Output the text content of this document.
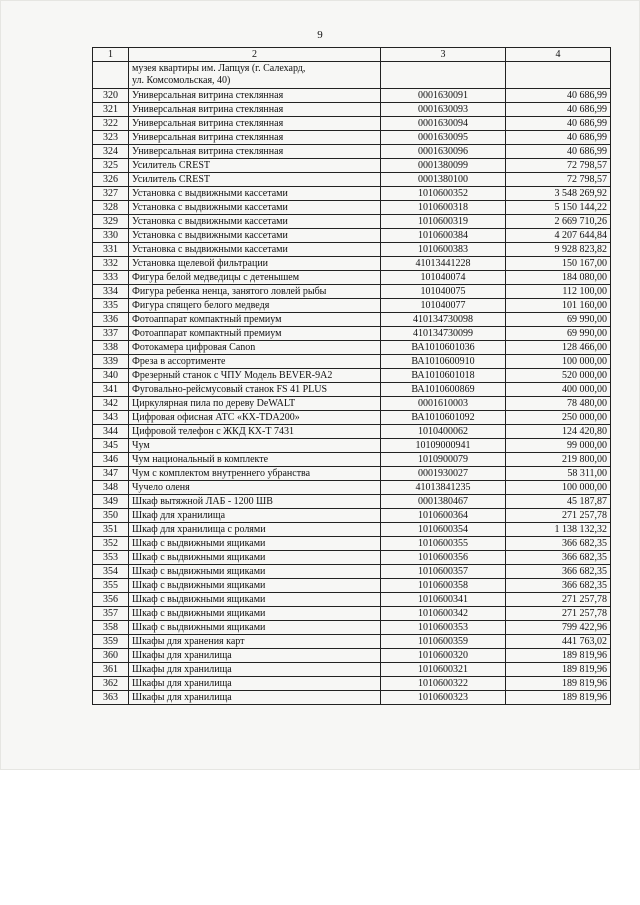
9
1	2	3	4
	музея квартиры им. Лапцуя (г. Салехард,
ул. Комсомольская, 40)		
320	Универсальная витрина стеклянная	0001630091	40 686,99
321	Универсальная витрина стеклянная	0001630093	40 686,99
322	Универсальная витрина стеклянная	0001630094	40 686,99
323	Универсальная витрина стеклянная	0001630095	40 686,99
324	Универсальная витрина стеклянная	0001630096	40 686,99
325	Усилитель CREST	0001380099	72 798,57
326	Усилитель CREST	0001380100	72 798,57
327	Установка с выдвижными кассетами	1010600352	3 548 269,92
328	Установка с выдвижными кассетами	1010600318	5 150 144,22
329	Установка с выдвижными кассетами	1010600319	2 669 710,26
330	Установка с выдвижными кассетами	1010600384	4 207 644,84
331	Установка с выдвижными кассетами	1010600383	9 928 823,82
332	Установка щелевой фильтрации	41013441228	150 167,00
333	Фигура белой медведицы с детенышем	101040074	184 080,00
334	Фигура ребенка ненца, занятого ловлей рыбы	101040075	112 100,00
335	Фигура спящего белого медведя	101040077	101 160,00
336	Фотоаппарат компактный премиум	410134730098	69 990,00
337	Фотоаппарат компактный премиум	410134730099	69 990,00
338	Фотокамера цифровая Canon	ВА1010601036	128 466,00
339	Фреза в ассортименте	ВА1010600910	100 000,00
340	Фрезерный станок с ЧПУ Модель BEVER-9A2	ВА1010601018	520 000,00
341	Фуговально-рейсмусовый станок FS 41 PLUS	ВА1010600869	400 000,00
342	Циркулярная пила по дереву DeWALT	0001610003	78 480,00
343	Цифровая офисная АТС «КХ-TDA200»	ВА1010601092	250 000,00
344	Цифровой телефон с ЖКД КХ-Т 7431	1010400062	124 420,80
345	Чум	10109000941	99 000,00
346	Чум национальный в комплекте	1010900079	219 800,00
347	Чум с комплектом внутреннего убранства	0001930027	58 311,00
348	Чучело оленя	41013841235	100 000,00
349	Шкаф вытяжной ЛАБ - 1200 ШВ	0001380467	45 187,87
350	Шкаф для хранилища	1010600364	271 257,78
351	Шкаф для хранилища с ролями	1010600354	1 138 132,32
352	Шкаф с выдвижными ящиками	1010600355	366 682,35
353	Шкаф с выдвижными ящиками	1010600356	366 682,35
354	Шкаф с выдвижными ящиками	1010600357	366 682,35
355	Шкаф с выдвижными ящиками	1010600358	366 682,35
356	Шкаф с выдвижными ящиками	1010600341	271 257,78
357	Шкаф с выдвижными ящиками	1010600342	271 257,78
358	Шкаф с выдвижными ящиками	1010600353	799 422,96
359	Шкафы для хранения карт	1010600359	441 763,02
360	Шкафы для хранилища	1010600320	189 819,96
361	Шкафы для хранилища	1010600321	189 819,96
362	Шкафы для хранилища	1010600322	189 819,96
363	Шкафы для хранилища	1010600323	189 819,96
